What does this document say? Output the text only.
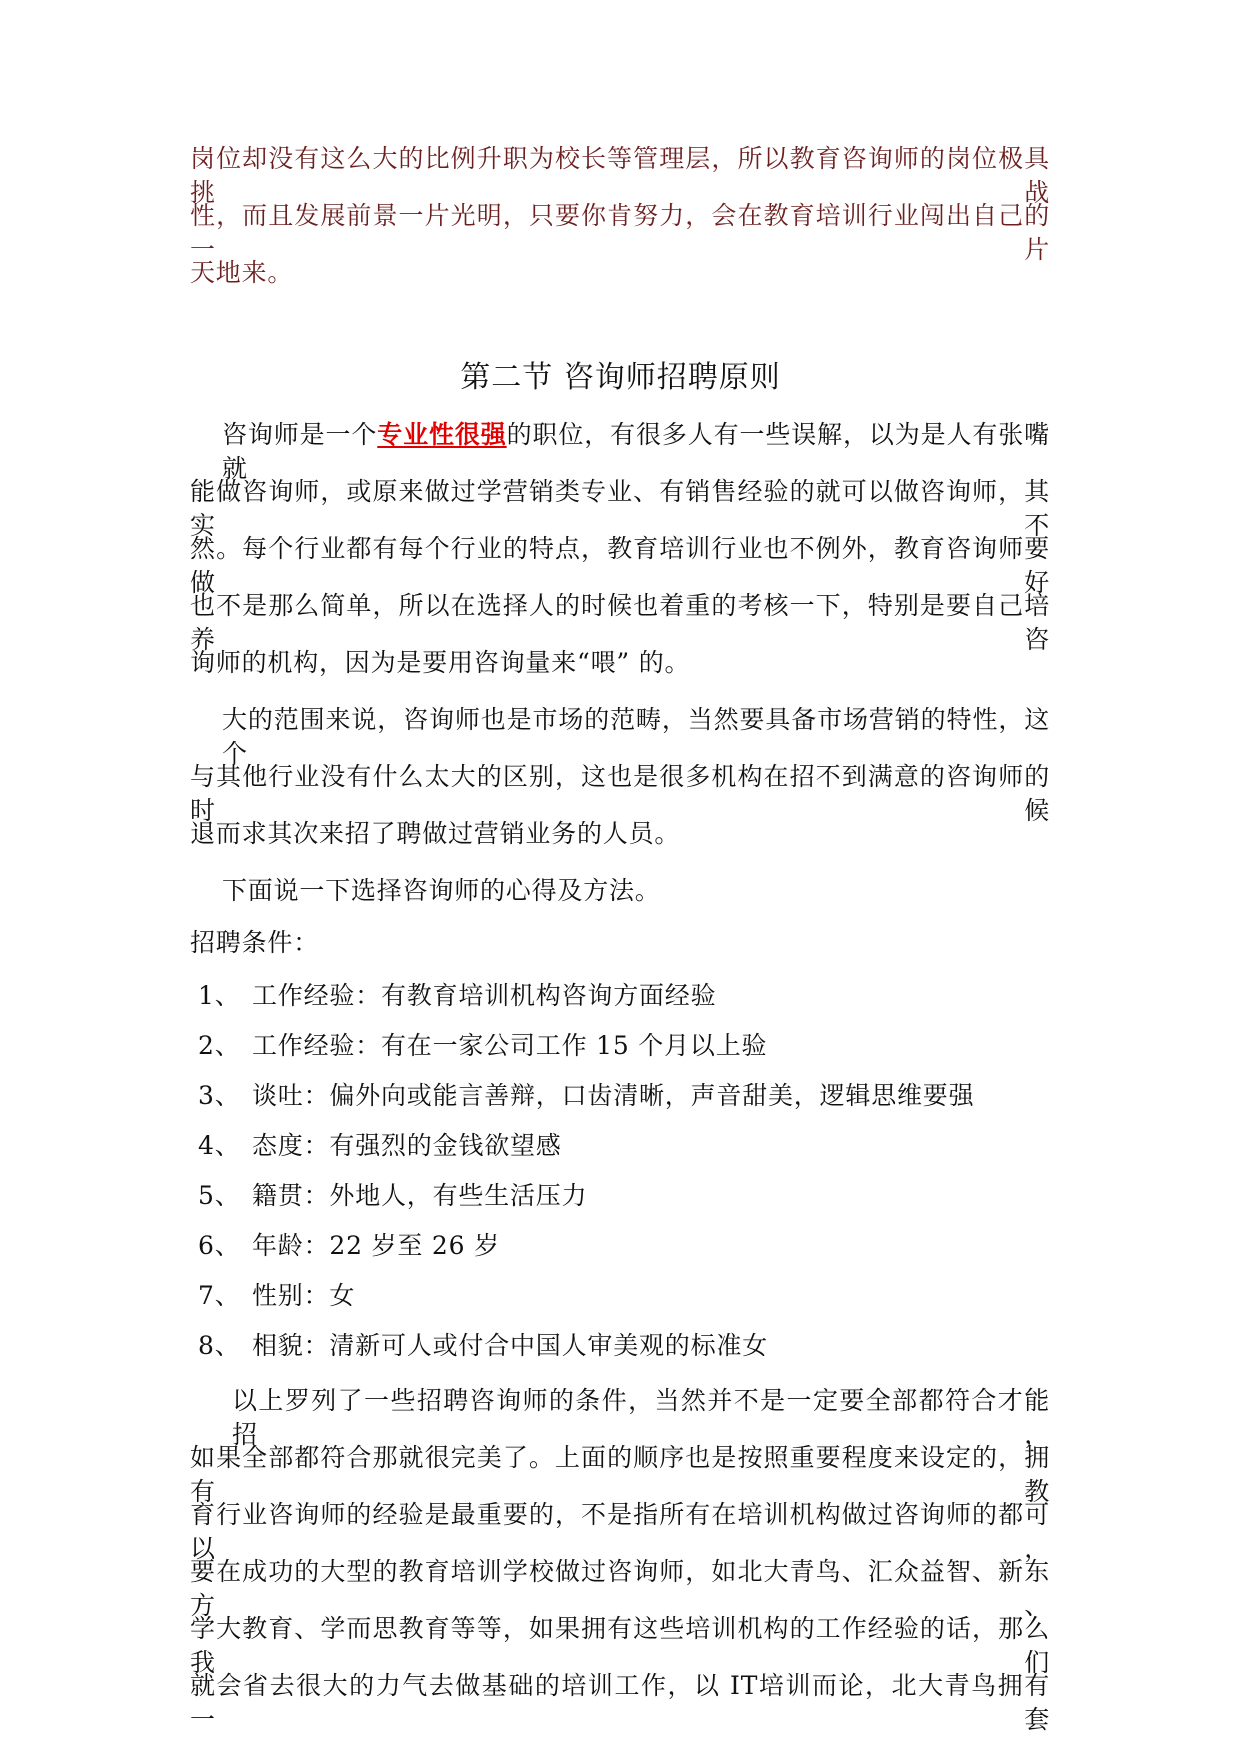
岗位却没有这么大的比例升职为校长等管理层，所以教育咨询师的岗位极具挑战
性，而且发展前景一片光明，只要你肯努力，会在教育培训行业闯出自己的一片
天地来。
第二节 咨询师招聘原则
咨询师是一个专业性很强的职位，有很多人有一些误解，以为是人有张嘴就
能做咨询师，或原来做过学营销类专业、有销售经验的就可以做咨询师，其实不
然。每个行业都有每个行业的特点，教育培训行业也不例外，教育咨询师要做好
也不是那么简单，所以在选择人的时候也着重的考核一下，特别是要自己培养咨
询师的机构，因为是要用咨询量来“喂” 的。
大的范围来说，咨询师也是市场的范畴，当然要具备市场营销的特性，这个
与其他行业没有什么太大的区别，这也是很多机构在招不到满意的咨询师的时候
退而求其次来招了聘做过营销业务的人员。
下面说一下选择咨询师的心得及方法。
招聘条件：
1、 工作经验：有教育培训机构咨询方面经验
2、 工作经验：有在一家公司工作 15 个月以上验
3、 谈吐：偏外向或能言善辩，口齿清晰，声音甜美，逻辑思维要强
4、 态度：有强烈的金钱欲望感
5、 籍贯：外地人，有些生活压力
6、 年龄：22 岁至 26 岁
7、 性别：女
8、 相貌：清新可人或付合中国人审美观的标准女
以上罗列了一些招聘咨询师的条件，当然并不是一定要全部都符合才能招，
如果全部都符合那就很完美了。上面的顺序也是按照重要程度来设定的，拥有教
育行业咨询师的经验是最重要的，不是指所有在培训机构做过咨询师的都可以，
要在成功的大型的教育培训学校做过咨询师，如北大青鸟、汇众益智、新东方、
学大教育、学而思教育等等，如果拥有这些培训机构的工作经验的话，那么我们
就会省去很大的力气去做基础的培训工作，以 IT培训而论，北大青鸟拥有一套
